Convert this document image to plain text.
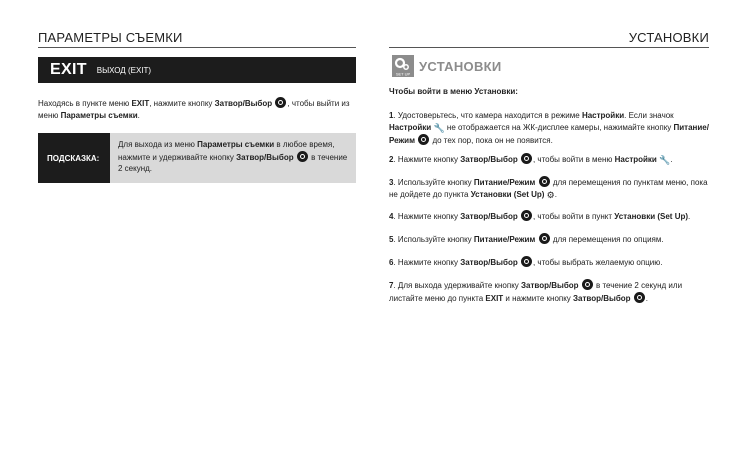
ПАРАМЕТРЫ СЪЕМКИ
EXIT ВЫХОД (EXIT)
Находясь в пункте меню EXIT, нажмите кнопку Затвор/Выбор , чтобы выйти из меню Параметры съемки.
ПОДСКАЗКА:
Для выхода из меню Параметры съемки в любое время, нажмите и удерживайте кнопку Затвор/Выбор  в течение 2 секунд.
УСТАНОВКИ
SET UP УСТАНОВКИ
Чтобы войти в меню Установки:
1. Удостоверьтесь, что камера находится в режиме Настройки. Если значок Настройки 🔧 не отображается на ЖК-дисплее камеры, нажимайте кнопку Питание/Режим  до тех пор, пока он не появится.
2. Нажмите кнопку Затвор/Выбор , чтобы войти в меню Настройки 🔧.
3. Используйте кнопку Питание/Режим  для перемещения по пунктам меню, пока не дойдете до пункта Установки (Set Up) ⚙.
4. Нажмите кнопку Затвор/Выбор , чтобы войти в пункт Установки (Set Up).
5. Используйте кнопку Питание/Режим  для перемещения по опциям.
6. Нажмите кнопку Затвор/Выбор , чтобы выбрать желаемую опцию.
7. Для выхода удерживайте кнопку Затвор/Выбор  в течение 2 секунд или листайте меню до пункта EXIT и нажмите кнопку Затвор/Выбор .
